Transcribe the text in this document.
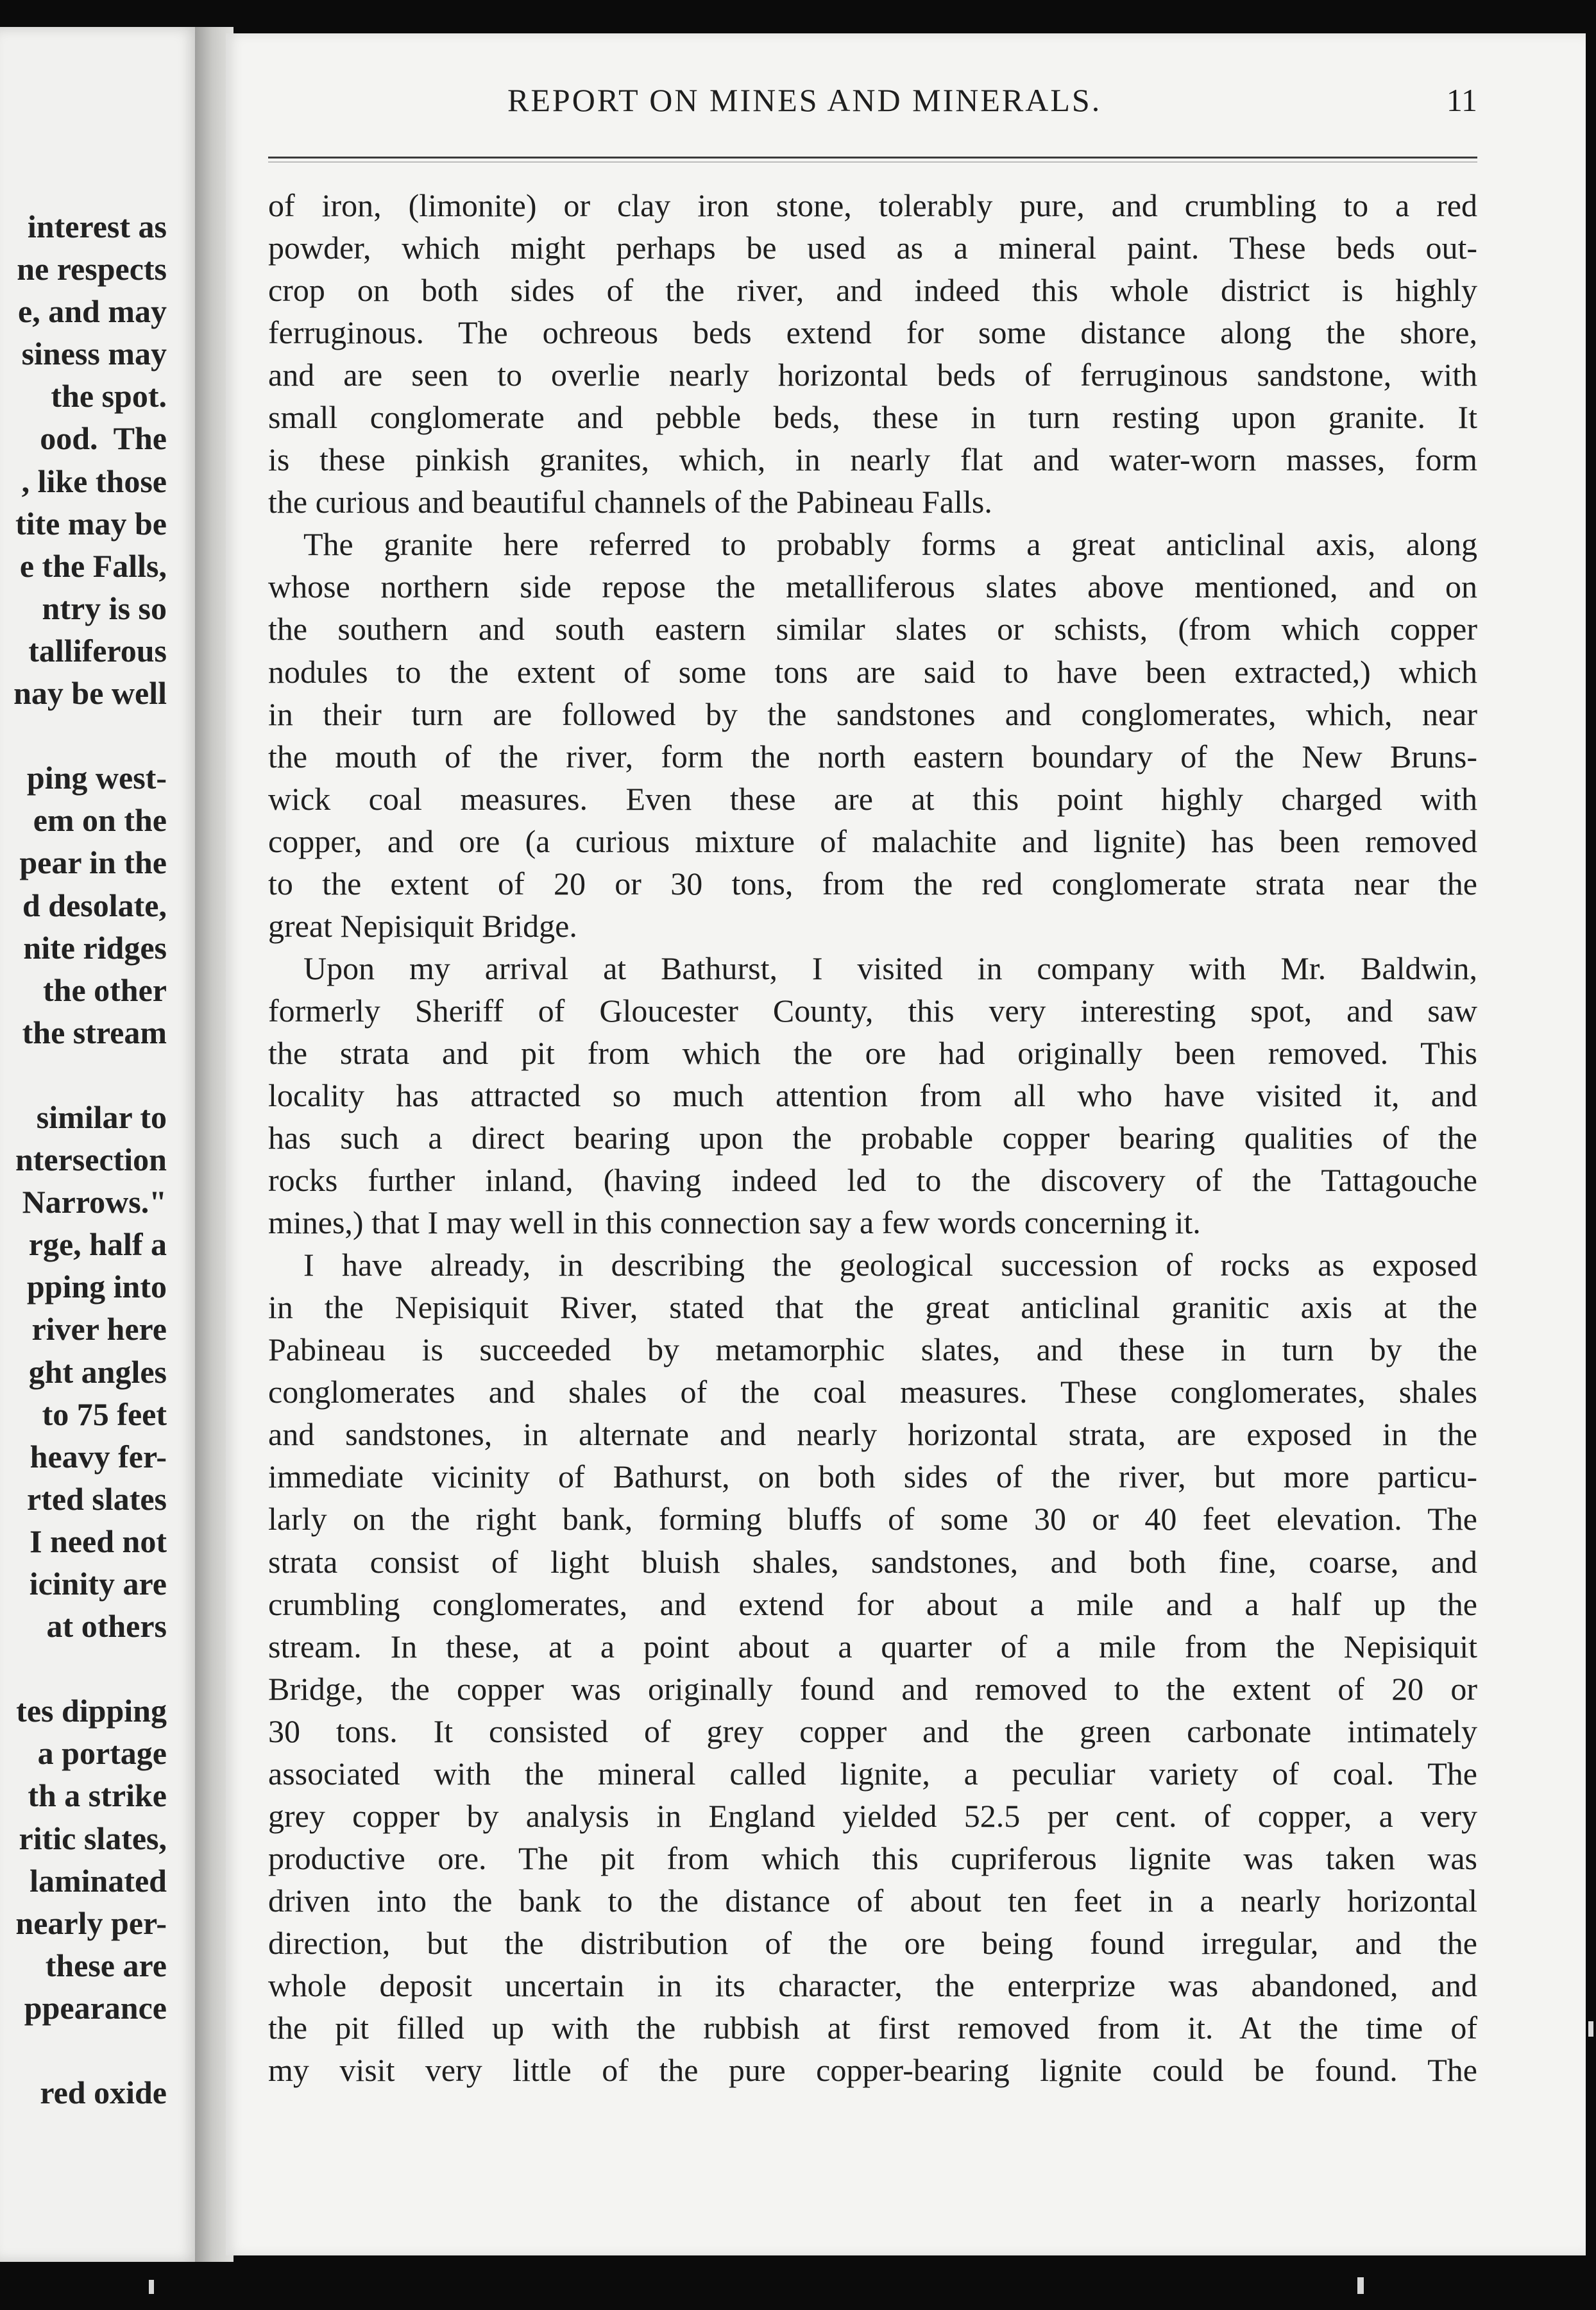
interest as
ne respects
e, and may
siness may
the spot.
ood.  The
, like those
tite may be
e the Falls,
ntry is so
talliferous
nay be well
ping west-
em on the
pear in the
d desolate,
nite ridges
the other
the stream
similar to
ntersection
Narrows."
rge, half a
pping into
river here
ght angles
to 75 feet
heavy fer-
rted slates
I need not
icinity are
at others
tes dipping
a portage
th a strike
ritic slates,
laminated
nearly per-
these are
ppearance
red oxide
REPORT ON MINES AND MINERALS.	11
of iron, (limonite) or clay iron stone, tolerably pure, and crumbling to a red
powder, which might perhaps be used as a mineral paint. These beds out-
crop on both sides of the river, and indeed this whole district is highly
ferruginous. The ochreous beds extend for some distance along the shore,
and are seen to overlie nearly horizontal beds of ferruginous sandstone, with
small conglomerate and pebble beds, these in turn resting upon granite. It
is these pinkish granites, which, in nearly flat and water-worn masses, form
the curious and beautiful channels of the Pabineau Falls.
The granite here referred to probably forms a great anticlinal axis, along
whose northern side repose the metalliferous slates above mentioned, and on
the southern and south eastern similar slates or schists, (from which copper
nodules to the extent of some tons are said to have been extracted,) which
in their turn are followed by the sandstones and conglomerates, which, near
the mouth of the river, form the north eastern boundary of the New Bruns-
wick coal measures. Even these are at this point highly charged with
copper, and ore (a curious mixture of malachite and lignite) has been removed
to the extent of 20 or 30 tons, from the red conglomerate strata near the
great Nepisiquit Bridge.
Upon my arrival at Bathurst, I visited in company with Mr. Baldwin,
formerly Sheriff of Gloucester County, this very interesting spot, and saw
the strata and pit from which the ore had originally been removed. This
locality has attracted so much attention from all who have visited it, and
has such a direct bearing upon the probable copper bearing qualities of the
rocks further inland, (having indeed led to the discovery of the Tattagouche
mines,) that I may well in this connection say a few words concerning it.
I have already, in describing the geological succession of rocks as exposed
in the Nepisiquit River, stated that the great anticlinal granitic axis at the
Pabineau is succeeded by metamorphic slates, and these in turn by the
conglomerates and shales of the coal measures. These conglomerates, shales
and sandstones, in alternate and nearly horizontal strata, are exposed in the
immediate vicinity of Bathurst, on both sides of the river, but more particu-
larly on the right bank, forming bluffs of some 30 or 40 feet elevation. The
strata consist of light bluish shales, sandstones, and both fine, coarse, and
crumbling conglomerates, and extend for about a mile and a half up the
stream. In these, at a point about a quarter of a mile from the Nepisiquit
Bridge, the copper was originally found and removed to the extent of 20 or
30 tons. It consisted of grey copper and the green carbonate intimately
associated with the mineral called lignite, a peculiar variety of coal. The
grey copper by analysis in England yielded 52.5 per cent. of copper, a very
productive ore. The pit from which this cupriferous lignite was taken was
driven into the bank to the distance of about ten feet in a nearly horizontal
direction, but the distribution of the ore being found irregular, and the
whole deposit uncertain in its character, the enterprize was abandoned, and
the pit filled up with the rubbish at first removed from it. At the time of
my visit very little of the pure copper-bearing lignite could be found. The
